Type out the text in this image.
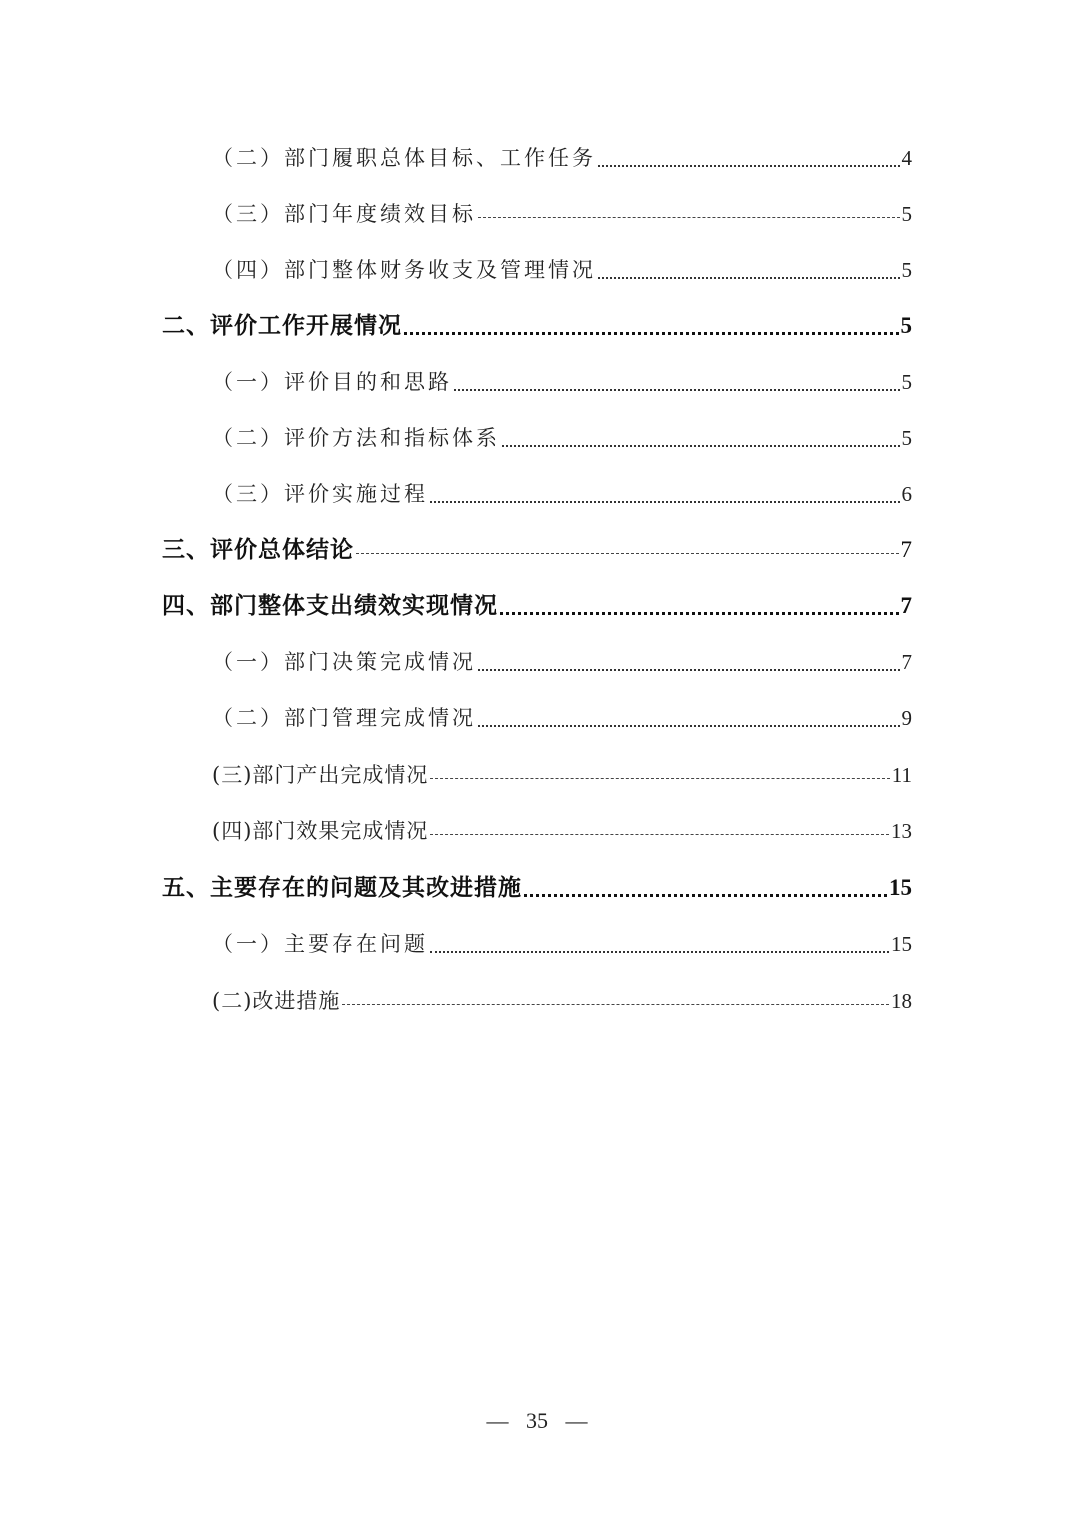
（二）部门履职总体目标、工作任务	4
（三）部门年度绩效目标	5
（四）部门整体财务收支及管理情况	5
二、评价工作开展情况	5
（一）评价目的和思路	5
（二）评价方法和指标体系	5
（三）评价实施过程	6
三、评价总体结论	7
四、部门整体支出绩效实现情况	7
（一）部门决策完成情况	7
（二）部门管理完成情况	9
(三)部门产出完成情况	11
(四)部门效果完成情况	13
五、主要存在的问题及其改进措施	15
（一）主要存在问题	15
(二)改进措施	18
— 35 —
